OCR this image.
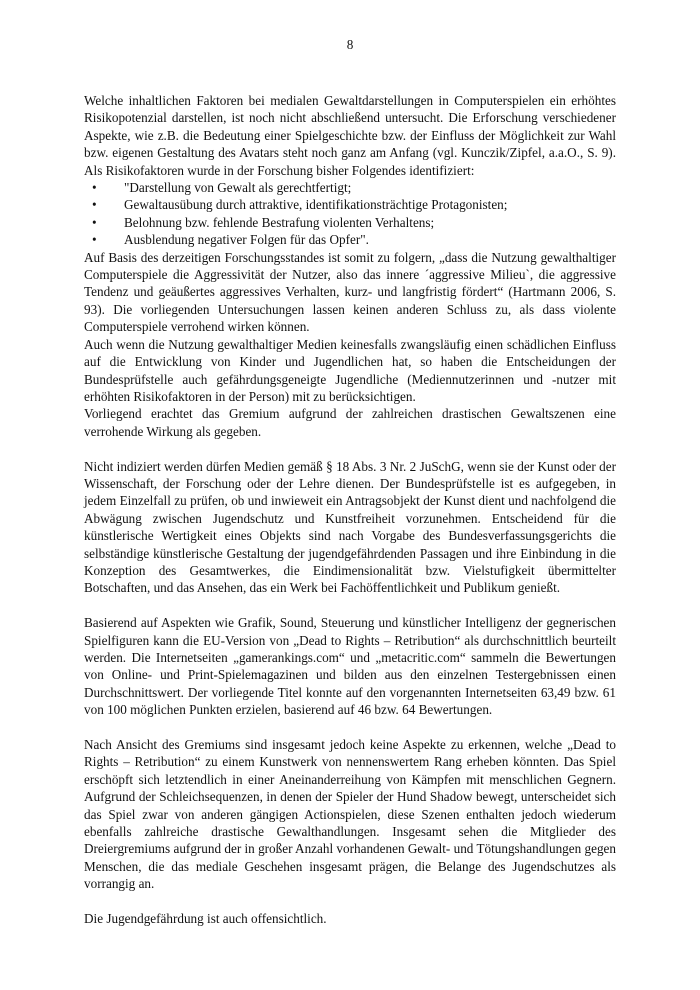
8

Welche inhaltlichen Faktoren bei medialen Gewaltdarstellungen in Computerspielen ein erhöhtes Risikopotenzial darstellen, ist noch nicht abschließend untersucht. Die Erforschung verschiedener Aspekte, wie z.B. die Bedeutung einer Spielgeschichte bzw. der Einfluss der Möglichkeit zur Wahl bzw. eigenen Gestaltung des Avatars steht noch ganz am Anfang (vgl. Kunczik/Zipfel, a.a.O., S. 9). Als Risikofaktoren wurde in der Forschung bisher Folgendes identifiziert:

• "Darstellung von Gewalt als gerechtfertigt;
• Gewaltausübung durch attraktive, identifikationsträchtige Protagonisten;
• Belohnung bzw. fehlende Bestrafung violenten Verhaltens;
• Ausblendung negativer Folgen für das Opfer".

Auf Basis des derzeitigen Forschungsstandes ist somit zu folgern, „dass die Nutzung gewalthaltiger Computerspiele die Aggressivität der Nutzer, also das innere ´aggressive Milieu`, die aggressive Tendenz und geäußertes aggressives Verhalten, kurz- und langfristig fördert“ (Hartmann 2006, S. 93). Die vorliegenden Untersuchungen lassen keinen anderen Schluss zu, als dass violente Computerspiele verrohend wirken können.

Auch wenn die Nutzung gewalthaltiger Medien keinesfalls zwangsläufig einen schädlichen Einfluss auf die Entwicklung von Kinder und Jugendlichen hat, so haben die Entscheidungen der Bundesprüfstelle auch gefährdungsgeneigte Jugendliche (Mediennutzerinnen und -nutzer mit erhöhten Risikofaktoren in der Person) mit zu berücksichtigen.

Vorliegend erachtet das Gremium aufgrund der zahlreichen drastischen Gewaltszenen eine verrohende Wirkung als gegeben.

Nicht indiziert werden dürfen Medien gemäß § 18 Abs. 3 Nr. 2 JuSchG, wenn sie der Kunst oder der Wissenschaft, der Forschung oder der Lehre dienen. Der Bundesprüfstelle ist es aufgegeben, in jedem Einzelfall zu prüfen, ob und inwieweit ein Antragsobjekt der Kunst dient und nachfolgend die Abwägung zwischen Jugendschutz und Kunstfreiheit vorzunehmen. Entscheidend für die künstlerische Wertigkeit eines Objekts sind nach Vorgabe des Bundesverfassungsgerichts die selbständige künstlerische Gestaltung der jugendgefährdenden Passagen und ihre Einbindung in die Konzeption des Gesamtwerkes, die Eindimensionalität bzw. Vielstufigkeit übermittelter Botschaften, und das Ansehen, das ein Werk bei Fachöffentlichkeit und Publikum genießt.

Basierend auf Aspekten wie Grafik, Sound, Steuerung und künstlicher Intelligenz der gegnerischen Spielfiguren kann die EU-Version von „Dead to Rights – Retribution“ als durchschnittlich beurteilt werden. Die Internetseiten „gamerankings.com“ und „metacritic.com“ sammeln die Bewertungen von Online- und Print-Spielemagazinen und bilden aus den einzelnen Testergebnissen einen Durchschnittswert. Der vorliegende Titel konnte auf den vorgenannten Internetseiten 63,49 bzw. 61 von 100 möglichen Punkten erzielen, basierend auf 46 bzw. 64 Bewertungen.

Nach Ansicht des Gremiums sind insgesamt jedoch keine Aspekte zu erkennen, welche „Dead to Rights – Retribution“ zu einem Kunstwerk von nennenswertem Rang erheben könnten. Das Spiel erschöpft sich letztendlich in einer Aneinanderreihung von Kämpfen mit menschlichen Gegnern. Aufgrund der Schleichsequenzen, in denen der Spieler der Hund Shadow bewegt, unterscheidet sich das Spiel zwar von anderen gängigen Actionspielen, diese Szenen enthalten jedoch wiederum ebenfalls zahlreiche drastische Gewalthandlungen. Insgesamt sehen die Mitglieder des Dreiergremiums aufgrund der in großer Anzahl vorhandenen Gewalt- und Tötungshandlungen gegen Menschen, die das mediale Geschehen insgesamt prägen, die Belange des Jugendschutzes als vorrangig an.

Die Jugendgefährdung ist auch offensichtlich.
